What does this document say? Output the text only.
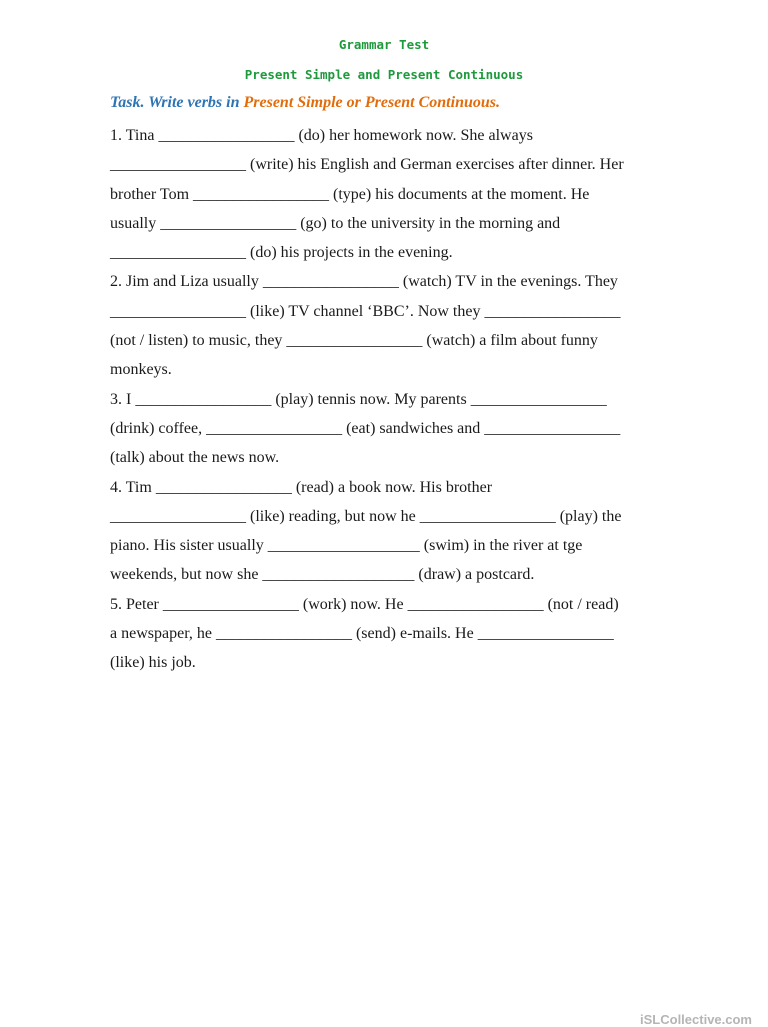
Grammar Test
Present Simple and Present Continuous
Task. Write verbs in Present Simple or Present Continuous.
1. Tina _________________ (do) her homework now. She always
_________________ (write) his English and German exercises after dinner. Her
brother Tom _________________ (type) his documents at the moment. He
usually _________________ (go) to the university in the morning and
_________________ (do) his projects in the evening.
2. Jim and Liza usually _________________ (watch) TV in the evenings. They
_________________ (like) TV channel ‘BBC’. Now they _________________
(not / listen) to music, they _________________ (watch) a film about funny
monkeys.
3. I _________________ (play) tennis now. My parents _________________
(drink) coffee, _________________ (eat) sandwiches and _________________
(talk) about the news now.
4. Tim _________________ (read) a book now. His brother
_________________ (like) reading, but now he _________________ (play) the
piano. His sister usually ___________________ (swim) in the river at tge
weekends, but now she ___________________ (draw) a postcard.
5. Peter _________________ (work) now. He _________________ (not / read)
a newspaper, he _________________ (send) e-mails. He _________________
(like) his job.
iSLCollective.com
